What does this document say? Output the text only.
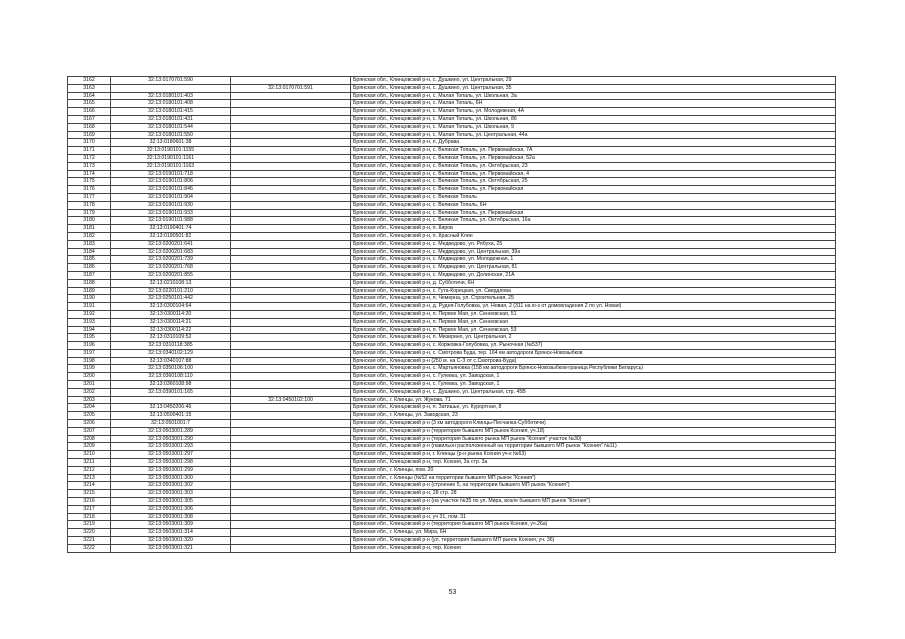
3162	32:13:0170701:590		Брянская обл., Клинцовский р-н, с. Душкино, ул. Центральная, 29
3163		32:13:0170701:591	Брянская обл., Клинцовский р-н, с. Душкино, ул. Центральная, 35
3164	32:13:0180101:403		Брянская обл., Клинцовский р-н, с. Малая Топаль, ул. Школьная, 3а
3165	32:13:0180101:408		Брянская обл., Клинцовский р-н, с. Малая Топаль, 6Н
3166	32:13:0180101:415		Брянская обл., Клинцовский р-н, с. Малая Топаль, ул. Молодежная, 4А
3167	32:13:0180101:431		Брянская обл., Клинцовский р-н, с. Малая Топаль, ул. Школьная, 86
3168	32:13:0180101:544		Брянская обл., Клинцовский р-н, с. Малая Топаль, ул. Школьная, 9
3169	32:13:0180101:550		Брянская обл., Клинцовский р-н, с. Малая Топаль, ул. Центральная, 44а
3170	32:13:0180601:38		Брянская обл., Клинцовский р-н, п. Дубрава
3171	32:13:0190101:1155		Брянская обл., Клинцовский р-н, с. Великая Топаль, ул. Первомайская, 7А
3172	32:13:0190101:1161		Брянская обл., Клинцовский р-н, с. Великая Топаль, ул. Первомайская, 52а
3173	32:13:0190101:1163		Брянская обл., Клинцовский р-н, с. Великая Топаль, ул. Октябрьская, 23
3174	32:13:0190101:718		Брянская обл., Клинцовский р-н, с. Великая Топаль, ул. Первомайская, 4
3175	32:13:0190101:806		Брянская обл., Клинцовский р-н, с. Великая Топаль, ул. Октябрьская, 25
3176	32:13:0190101:846		Брянская обл., Клинцовский р-н, с. Великая Топаль, ул. Первомайская
3177	32:13:0190101:904		Брянская обл., Клинцовский р-н, с. Великая Топаль
3178	32:13:0190101:930		Брянская обл., Клинцовский р-н, с. Великая Топаль, 6Н
3179	32:13:0190101:933		Брянская обл., Клинцовский р-н, с. Великая Топаль, ул. Первомайская
3180	32:13:0190101:988		Брянская обл., Клинцовский р-н, с. Великая Топаль, ул. Октябрьская, 16а
3181	32:13:0190401:74		Брянская обл., Клинцовский р-н, п. Киров
3182	32:13:0190501:82		Брянская обл., Клинцовский р-н, п. Красный Клин
3183	32:13:0200201:641		Брянская обл., Клинцовский р-н, с. Медведово, ул. Рябуха, 25
3184	32:13:0200201:683		Брянская обл., Клинцовский р-н, с. Медведово, ул. Центральная, 39а
3185	32:13:0200201:739		Брянская обл., Клинцовский р-н, с. Медведово, ул. Молодежная, 1
3186	32:13:0200201:768		Брянская обл., Клинцовский р-н, с. Медведово, ул. Центральная, 81
3187	32:13:0200201:855		Брянская обл., Клинцовский р-н, с. Медведово, ул. Долинская, 21А
3188	32:13:0210108:13		Брянская обл., Клинцовский р-н, д. Субботичи, 6Н
3189	32:13:0220101:210		Брянская обл., Клинцовский р-н, с. Гута-Корецкая, ул. Свердлова
3190	32:13:0250101:442		Брянская обл., Клинцовский р-н, п. Чемерна, ул. Строительная, 25
3191	32:13:0300104:64		Брянская обл., Клинцовский р-н, д. Рудня-Голубовка, ул. Новая, 2 (311 на ю-з от домовладения 2 по ул. Новая)
3192	32:13:0300114:20		Брянская обл., Клинцовский р-н, п. Первое Мая, ул. Сенновская, 51
3193	32:13:0300114:21		Брянская обл., Клинцовский р-н, п. Первое Мая, ул. Сенновская
3194	32:13:0300114:22		Брянская обл., Клинцовский р-н, п. Первое Мая, ул. Сенновская, 53
3195	32:13:0310109:52		Брянская обл., Клинцовский р-н, п. Мизирино, ул. Центральная, 2
3196	32:13:0310118:385		Брянская обл., Клинцовский р-н, с. Коржовка-Голубовка, ул. Рыночная (№537)
3197	32:13:0340102:129		Брянская обл., Клинцовский р-н, с. Смотрова Буда, тер. 164 км автодороги Брянск-Новозыбков
3198	32:13:0340107:88		Брянская обл., Клинцовский р-н (250 м. на С-З от с.Смотрова-Буда)
3199	32:13:0350106:100		Брянская обл., Клинцовский р-н, с. Мартьяновка (158 км автодороги Брянск-Новозыбков-граница Республики Беларусь)
3200	32:13:0360108:110		Брянская обл., Клинцовский р-н, с. Гулевка, ул. Заводская, 1
3201	32:13:0360108:98		Брянская обл., Клинцовский р-н, с. Гулевка, ул. Заводская, 1
3202	32:13:0390101:165		Брянская обл., Клинцовский р-н, с. Душкино, ул. Центральная, стр. 45В
3203		32:13:0450102:100	Брянская обл., г. Клинцы, ул. Жукова, 71
3204	32:13:0450206:46		Брянская обл., Клинцовский р-н, п. Затишье, ул. Курортная, 8
3205	32:13:0500401:15		Брянская обл., г. Клинцы, ул. Заводская, 23
3206	32:13:0501001:7		Брянская обл., Клинцовский р-н (3 км автодороги Клинцы-Песчанка-Субботичи)
3207	32:13:0503001:289		Брянская обл., Клинцовский р-н (территория бывшего МП рынок Ксения, уч.18)
3208	32:13:0503001:290		Брянская обл., Клинцовский р-н (территория бывшего рынка МП рынок "Ксения" участок №30)
3209	32:13:0503001:293		Брянская обл., Клинцовский р-н (павильон расположенный на территории бывшего МП рынок "Ксения" №11)
3210	32:13:0503001:297		Брянская обл., Клинцовский р-н, г. Клинцы (р-н рынка Ксения уч-к №63)
3211	32:13:0503001:298		Брянская обл., Клинцовский р-н, тер. Ксения, 3а стр. 3а
3212	32:13:0503001:299		Брянская обл., г. Клинцы, пом. 20
3213	32:13:0503001:300		Брянская обл., г. Клинцы (№52 на территории бывшего МП рынок "Ксения")
3214	32:13:0503001:302		Брянская обл., Клинцовский р-н (строение 5, на территории бывшего МП рынок "Ксения")
3215	32:13:0503001:303		Брянская обл., Клинцовский р-н, 28 стр. 28
3216	32:13:0503001:305		Брянская обл., Клинцовский р-н (на участке №35 по ул. Мира, возле бывшего МП рынок "Ксения")
3217	32:13:0503001:306		Брянская обл., Клинцовский р-н
3218	32:13:0503001:308		Брянская обл., Клинцовский р-н, уч 31, пом. 31
3219	32:13:0503001:309		Брянская обл., Клинцовский р-н (территория бывшего МП рынок Ксения, уч.26а)
3220	32:13:0503001:314		Брянская обл., г. Клинцы, ул. Мира, 6Н
3221	32:13:0503001:320		Брянская обл., Клинцовский р-н (ул. территория бывшего МП рынок Ксения, уч. 36)
3222	32:13:0503001:321		Брянская обл., Клинцовский р-н, тер. Ксения
53
